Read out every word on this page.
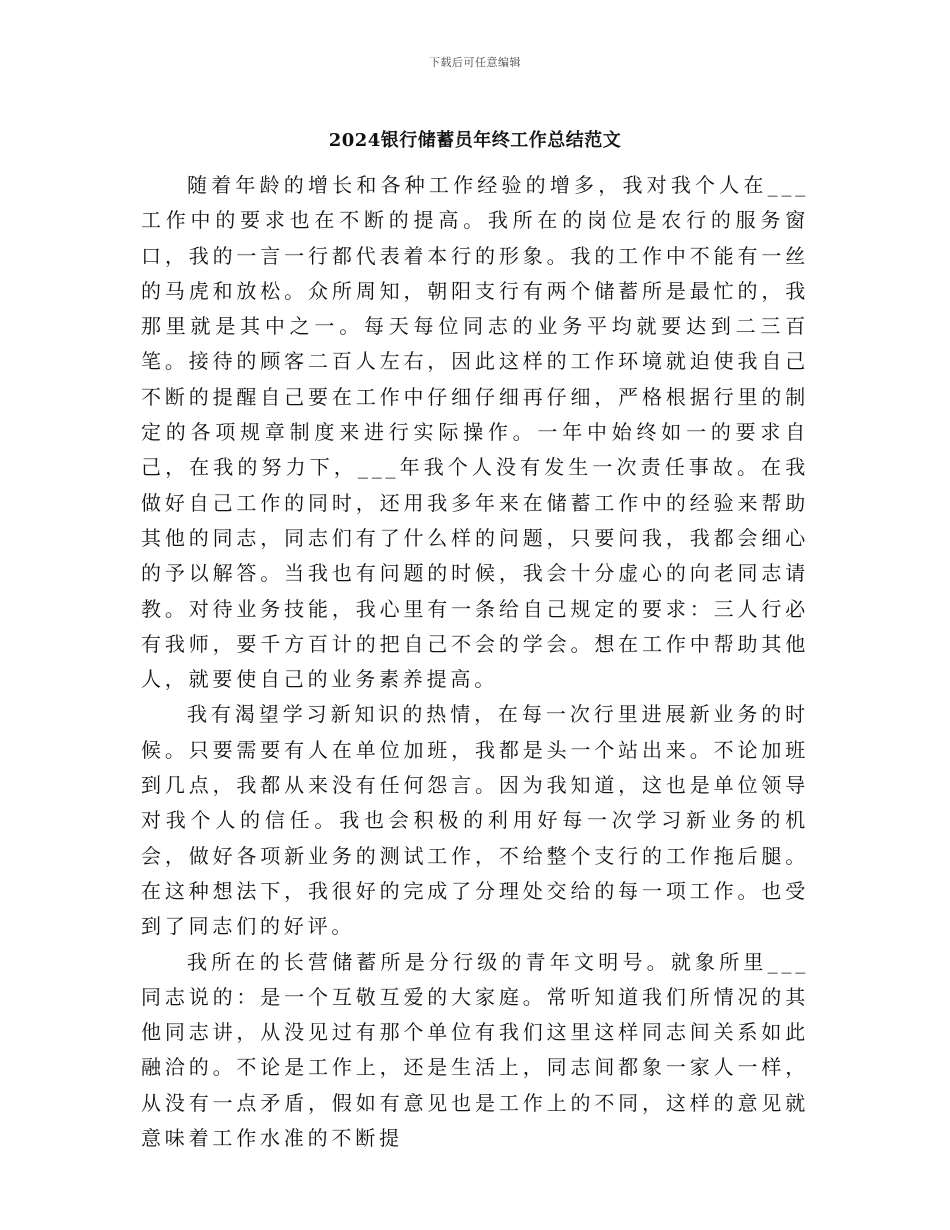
下载后可任意编辑
2024银行储蓄员年终工作总结范文

随着年龄的增长和各种工作经验的增多，我对我个人在___工作中的要求也在不断的提高。我所在的岗位是农行的服务窗口，我的一言一行都代表着本行的形象。我的工作中不能有一丝的马虎和放松。众所周知，朝阳支行有两个储蓄所是最忙的，我那里就是其中之一。每天每位同志的业务平均就要达到二三百笔。接待的顾客二百人左右，因此这样的工作环境就迫使我自己不断的提醒自己要在工作中仔细仔细再仔细，严格根据行里的制定的各项规章制度来进行实际操作。一年中始终如一的要求自己，在我的努力下，___年我个人没有发生一次责任事故。在我做好自己工作的同时，还用我多年来在储蓄工作中的经验来帮助其他的同志，同志们有了什么样的问题，只要问我，我都会细心的予以解答。当我也有问题的时候，我会十分虚心的向老同志请教。对待业务技能，我心里有一条给自己规定的要求：三人行必有我师，要千方百计的把自己不会的学会。想在工作中帮助其他人，就要使自己的业务素养提高。

我有渴望学习新知识的热情，在每一次行里进展新业务的时候。只要需要有人在单位加班，我都是头一个站出来。不论加班到几点，我都从来没有任何怨言。因为我知道，这也是单位领导对我个人的信任。我也会积极的利用好每一次学习新业务的机会，做好各项新业务的测试工作，不给整个支行的工作拖后腿。在这种想法下，我很好的完成了分理处交给的每一项工作。也受到了同志们的好评。

我所在的长营储蓄所是分行级的青年文明号。就象所里___同志说的：是一个互敬互爱的大家庭。常听知道我们所情况的其他同志讲，从没见过有那个单位有我们这里这样同志间关系如此融洽的。不论是工作上，还是生活上，同志间都象一家人一样，从没有一点矛盾，假如有意见也是工作上的不同，这样的意见就意味着工作水准的不断提
